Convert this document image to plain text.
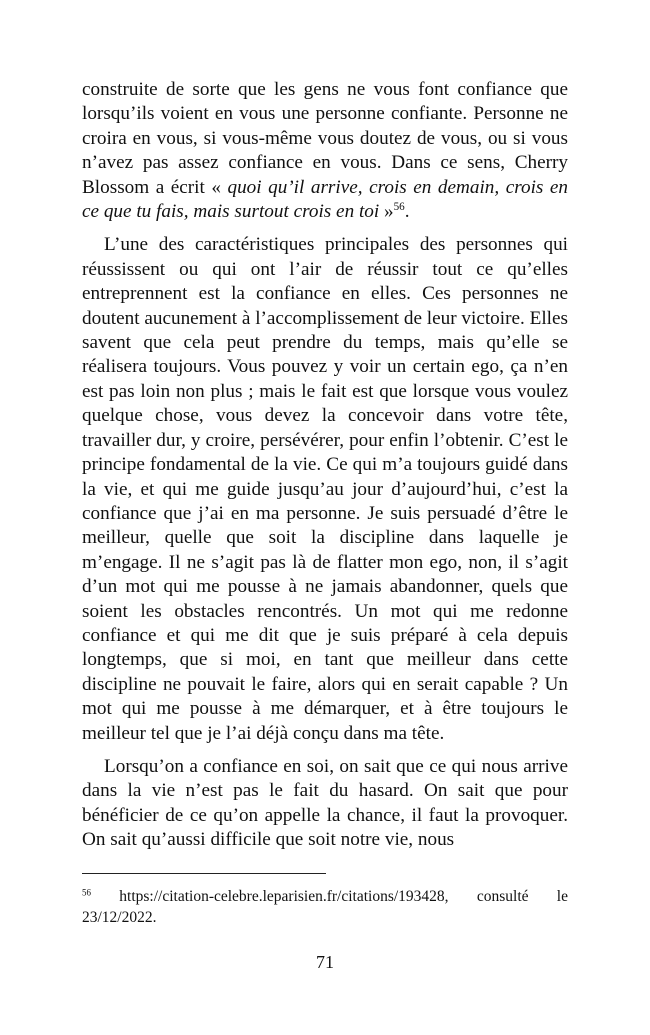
construite de sorte que les gens ne vous font confiance que lorsqu’ils voient en vous une personne confiante. Personne ne croira en vous, si vous-même vous doutez de vous, ou si vous n’avez pas assez confiance en vous. Dans ce sens, Cherry Blossom a écrit « quoi qu’il arrive, crois en demain, crois en ce que tu fais, mais surtout crois en toi »$^{56}$.

L’une des caractéristiques principales des personnes qui réussissent ou qui ont l’air de réussir tout ce qu’elles entreprennent est la confiance en elles. Ces personnes ne doutent aucunement à l’accomplissement de leur victoire. Elles savent que cela peut prendre du temps, mais qu’elle se réalisera toujours. Vous pouvez y voir un certain ego, ça n’en est pas loin non plus ; mais le fait est que lorsque vous voulez quelque chose, vous devez la concevoir dans votre tête, travailler dur, y croire, persévérer, pour enfin l’obtenir. C’est le principe fondamental de la vie. Ce qui m’a toujours guidé dans la vie, et qui me guide jusqu’au jour d’aujourd’hui, c’est la confiance que j’ai en ma personne. Je suis persuadé d’être le meilleur, quelle que soit la discipline dans laquelle je m’engage. Il ne s’agit pas là de flatter mon ego, non, il s’agit d’un mot qui me pousse à ne jamais abandonner, quels que soient les obstacles rencontrés. Un mot qui me redonne confiance et qui me dit que je suis préparé à cela depuis longtemps, que si moi, en tant que meilleur dans cette discipline ne pouvait le faire, alors qui en serait capable ? Un mot qui me pousse à me démarquer, et à être toujours le meilleur tel que je l’ai déjà conçu dans ma tête.

Lorsqu’on a confiance en soi, on sait que ce qui nous arrive dans la vie n’est pas le fait du hasard. On sait que pour bénéficier de ce qu’on appelle la chance, il faut la provoquer. On sait qu’aussi difficile que soit notre vie, nous

$^{56}$ https://citation-celebre.leparisien.fr/citations/193428, consulté le 23/12/2022.

71
